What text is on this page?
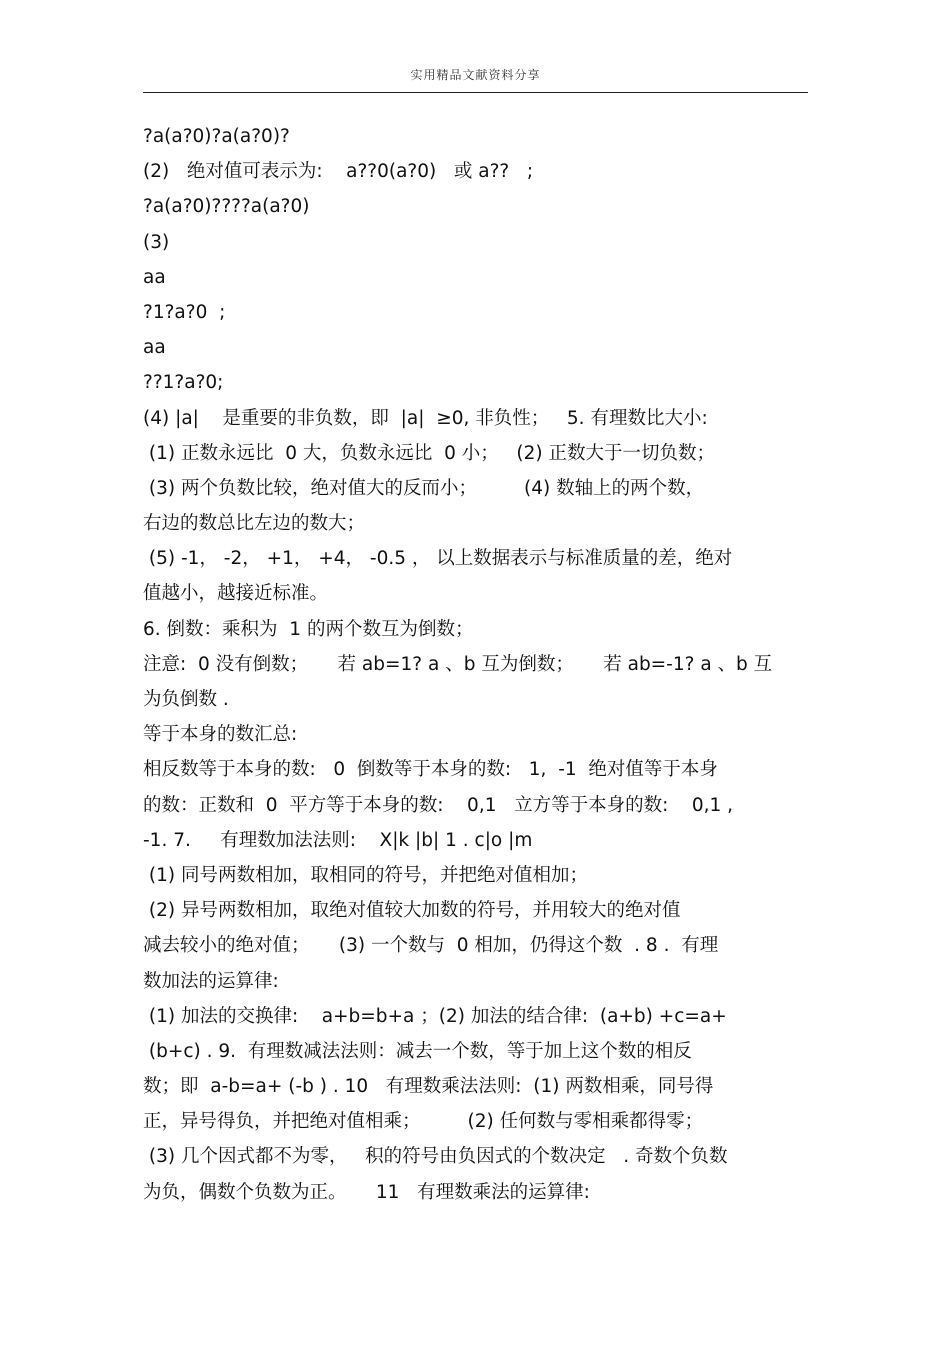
实用精品文献资料分享
?a(a?0)?a(a?0)?
(2)   绝对值可表示为:    a??0(a?0)   或 a??   ;
?a(a?0)????a(a?0)
(3)
aa
?1?a?0  ;
aa
??1?a?0;
(4) |a|    是重要的非负数，即  |a|  ≥0, 非负性；   5. 有理数比大小:
(1) 正数永远比  0 大，负数永远比  0 小；   (2) 正数大于一切负数；
(3) 两个负数比较，绝对值大的反而小；        (4) 数轴上的两个数，
右边的数总比左边的数大；
(5) -1， -2， +1， +4， -0.5 ， 以上数据表示与标准质量的差，绝对
值越小，越接近标准。
6. 倒数：乘积为  1 的两个数互为倒数；
注意:  0 没有倒数；     若 ab=1? a 、b 互为倒数；     若 ab=-1? a 、b 互
为负倒数 .
等于本身的数汇总:
相反数等于本身的数:   0  倒数等于本身的数:   1,  -1  绝对值等于本身
的数：正数和  0  平方等于本身的数:    0,1   立方等于本身的数:    0,1 ,
-1. 7.     有理数加法法则:    X|k |b| 1 . c|o |m
(1) 同号两数相加，取相同的符号，并把绝对值相加；
(2) 异号两数相加，取绝对值较大加数的符号，并用较大的绝对值
减去较小的绝对值；     (3) 一个数与  0 相加，仍得这个数  . 8 .  有理
数加法的运算律:
(1) 加法的交换律:    a+b=b+a ；(2) 加法的结合律:  (a+b) +c=a+
(b+c) . 9.  有理数减法法则：减去一个数，等于加上这个数的相反
数；即  a-b=a+ (-b ) . 10   有理数乘法法则:  (1) 两数相乘，同号得
正，异号得负，并把绝对值相乘；        (2) 任何数与零相乘都得零；
(3) 几个因式都不为零，   积的符号由负因式的个数决定   . 奇数个负数
为负，偶数个负数为正。     11   有理数乘法的运算律:
